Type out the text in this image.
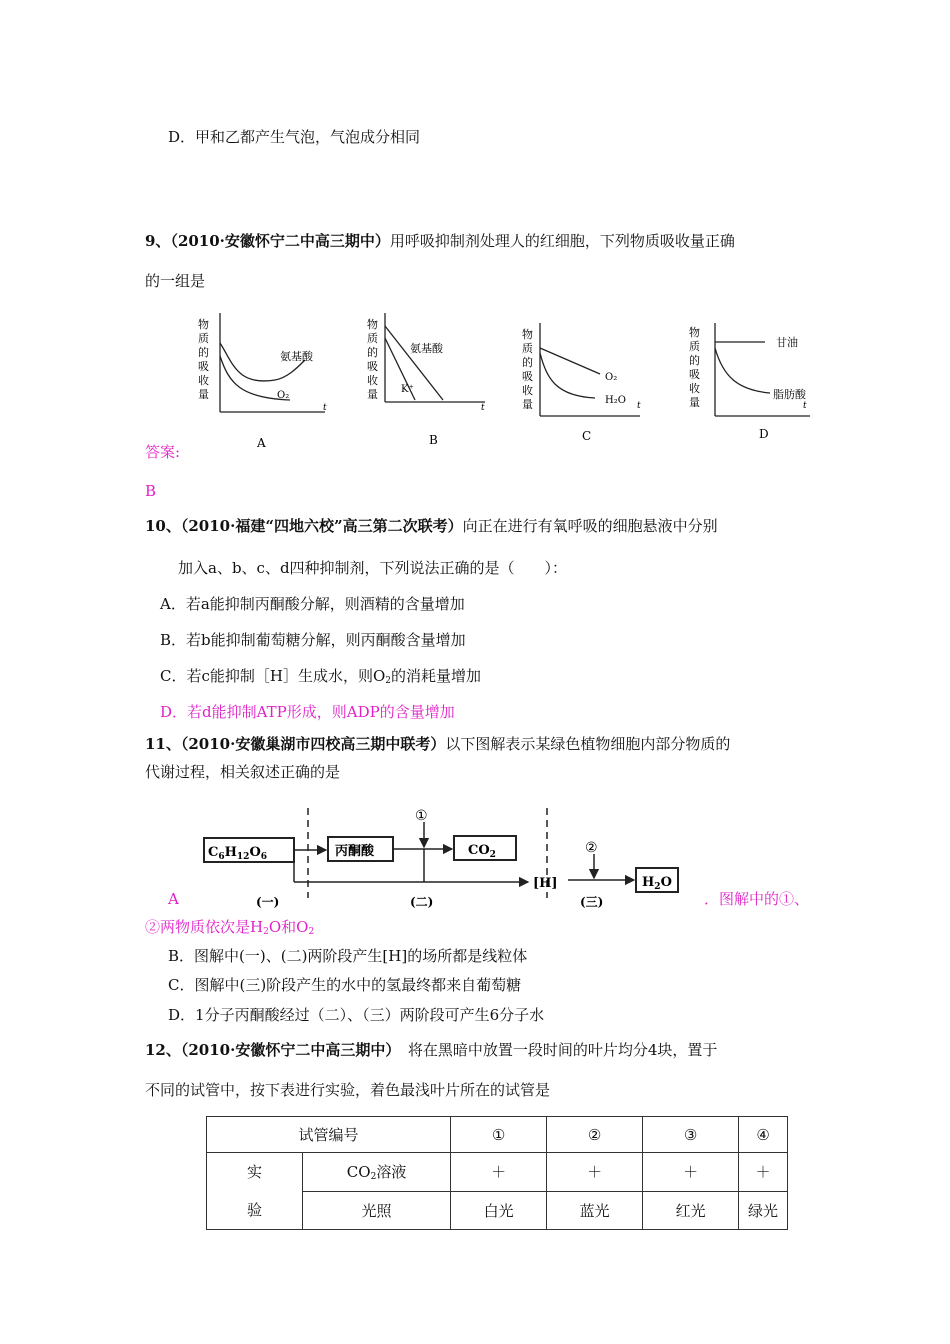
D．甲和乙都产生气泡，气泡成分相同
9、（2010·安徽怀宁二中高三期中）用呼吸抑制剂处理人的红细胞，下列物质吸收量正确
的一组是
物
质
的
吸
收
量
氨基酸
O₂
t
A
物
质
的
吸
收
量
氨基酸
K⁺
t
B
物
质
的
吸
收
量
O₂
H₂O t
C
物
质
的
吸
收
量
甘油
脂肪酸
t
D
答案:
B
10、（2010·福建“四地六校”高三第二次联考）向正在进行有氧呼吸的细胞悬液中分别
加入a、b、c、d四种抑制剂，下列说法正确的是（　　）：
A．若a能抑制丙酮酸分解，则酒精的含量增加
B．若b能抑制葡萄糖分解，则丙酮酸含量增加
C．若c能抑制［H］生成水，则$O_2$的消耗量增加
D．若d能抑制ATP形成，则ADP的含量增加
11、（2010·安徽巢湖市四校高三期中联考）以下图解表示某绿色植物细胞内部分物质的
代谢过程，相关叙述正确的是
$C_6H_{12}O_6$	丙酮酸	$CO_2$
$H_2O$
[H]
①
②
(一)	(二)	(三)
A	．图解中的①、
②两物质依次是$H_2O$和$O_2$
B．图解中(一)、(二)两阶段产生[H]的场所都是线粒体
C．图解中(三)阶段产生的水中的氢最终都来自葡萄糖
D．1分子丙酮酸经过（二）、（三）两阶段可产生6分子水
12、（2010·安徽怀宁二中高三期中）　将在黑暗中放置一段时间的叶片均分4块，置于
不同的试管中，按下表进行实验，着色最浅叶片所在的试管是
试管编号		①	②	③	④
实
验	$CO_2$溶液	＋	＋	＋	＋
	光照	白光	蓝光	红光	绿光
